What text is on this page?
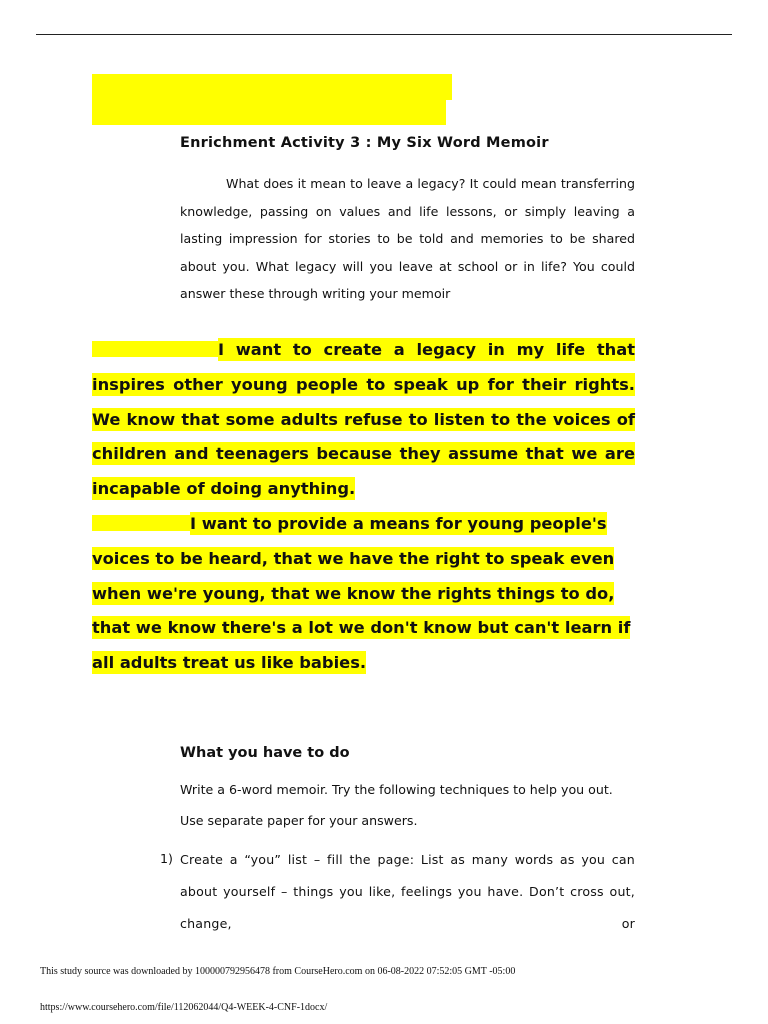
Enrichment Activity 3 : My Six Word Memoir
What does it mean to leave a legacy? It could mean transferring knowledge, passing on values and life lessons, or simply leaving a lasting impression for stories to be told and memories to be shared about you. What legacy will you leave at school or in life? You could answer these through writing your memoir
I want to create a legacy in my life that inspires other young people to speak up for their rights. We know that some adults refuse to listen to the voices of children and teenagers because they assume that we are incapable of doing anything.
I want to provide a means for young people's voices to be heard, that we have the right to speak even when we're young, that we know the rights things to do, that we know there's a lot we don't know but can't learn if all adults treat us like babies.
What you have to do
Write a 6-word memoir. Try the following techniques to help you out.
Use separate paper for your answers.
1) Create a “you” list – fill the page: List as many words as you can about yourself – things you like, feelings you have. Don’t cross out, change, or
This study source was downloaded by 100000792956478 from CourseHero.com on 06-08-2022 07:52:05 GMT -05:00
https://www.coursehero.com/file/112062044/Q4-WEEK-4-CNF-1docx/
